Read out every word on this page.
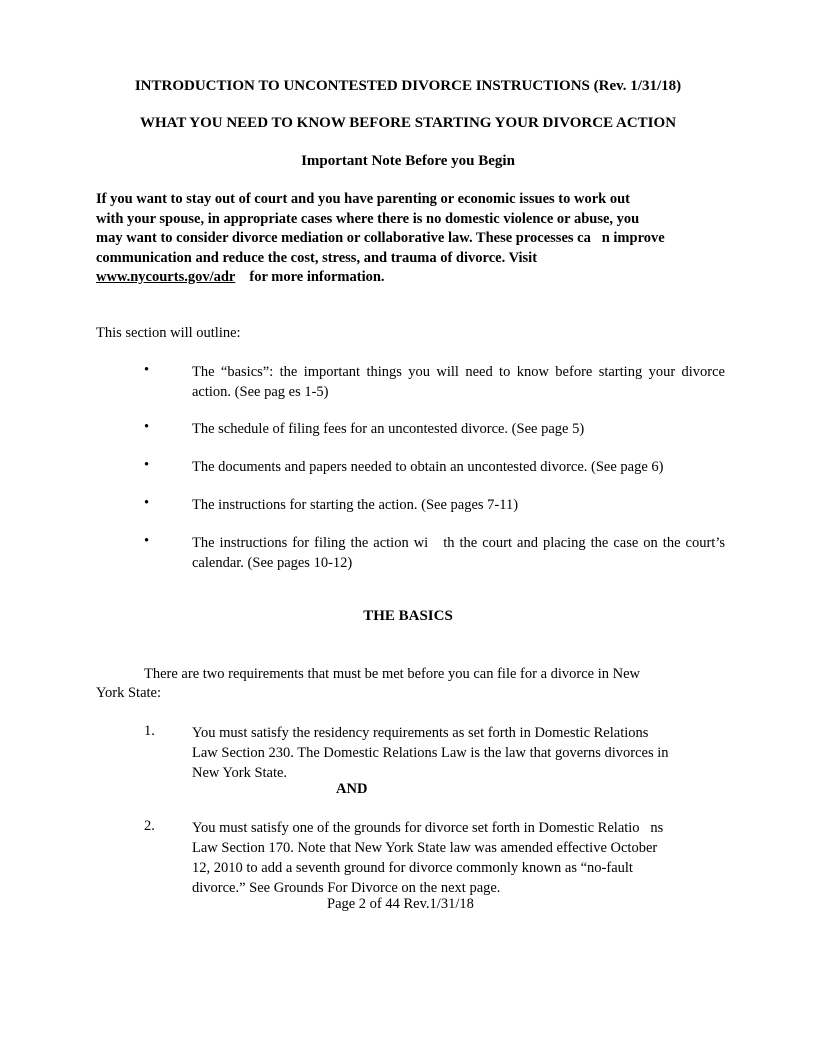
INTRODUCTION TO UNCONTESTED DIVORCE INSTRUCTIONS (Rev. 1/31/18)
WHAT YOU NEED TO KNOW BEFORE STARTING YOUR DIVORCE ACTION
Important Note Before you Begin
If you want to stay out of court and you have parenting or economic issues to work out
with your spouse, in appropriate cases where there is no domestic violence or abuse, you
may want to consider divorce mediation or collaborative law. These processes ca   n improve
communication and reduce the cost, stress, and trauma of divorce. Visit
www.nycourts.gov/adr for more information.
This section will outline:
•	The “basics”: the important things you will need to know before starting your divorce
action. (See pag es 1-5)
•	The schedule of filing fees for an uncontested divorce. (See page 5)
•	The documents and papers needed to obtain an uncontested divorce. (See page 6)
•	The instructions for starting the action. (See pages 7-11)
•	The instructions for filing the action wi   th the court and placing the case on the court’s
calendar. (See pages 10-12)
THE BASICS
There are two requirements that must be met before you can file for a divorce in New
York State:
1.	You must satisfy the residency requirements as set forth in Domestic Relations
Law Section 230. The Domestic Relations Law is the law that governs divorces in
New York State.
AND
2.	You must satisfy one of the grounds for divorce set forth in Domestic Relatio   ns
Law Section 170. Note that New York State law was amended effective October
12, 2010 to add a seventh ground for divorce commonly known as “no-fault
divorce.” See Grounds For Divorce on the next page.
Page 2 of 44 Rev.1/31/18
